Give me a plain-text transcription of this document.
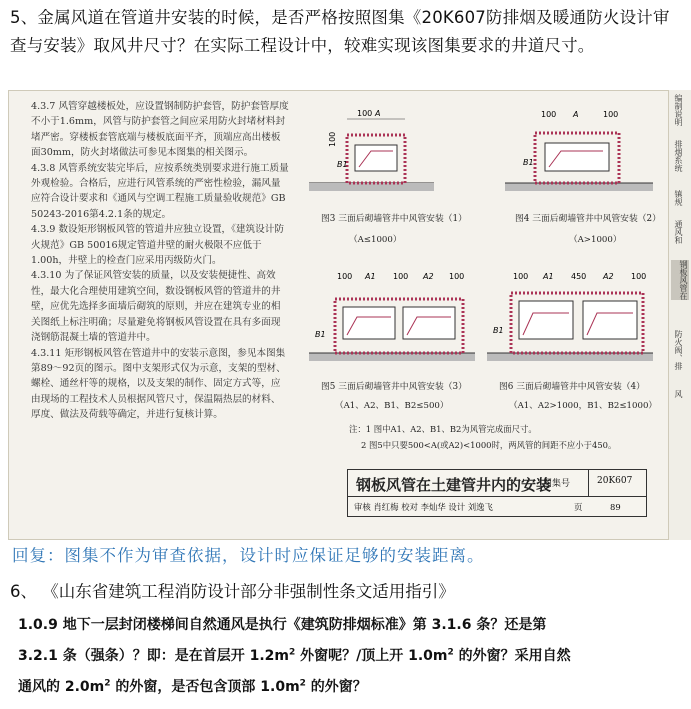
5、金属风道在管道井安装的时候，是否严格按照图集《20K607防排烟及暖通防火设计审查与安装》取风井尺寸？在实际工程设计中，较难实现该图集要求的井道尺寸。

4.3.7 风管穿越楼板处，应设置钢制防护套管，防护套管厚度不小于1.6mm，风管与防护套管之间应采用防火封堵材料封堵严密。穿楼板套管底端与楼板底面平齐，顶端应高出楼板面30mm，防火封堵做法可参见本图集的相关图示。

4.3.8 风管系统安装完毕后，应按系统类别要求进行施工质量外观检验。合格后，应进行风管系统的严密性检验，漏风量应符合设计要求和《通风与空调工程施工质量验收规范》GB 50243-2016第4.2.1条的规定。

4.3.9 数设矩形钢板风管的管道井应独立设置，《建筑设计防火规范》GB 50016规定管道井壁的耐火极限不应低于1.00h，井壁上的检查门应采用丙级防火门。

4.3.10 为了保证风管安装的质量，以及安装便捷性、高效性，最大化合理使用建筑空间，数设钢板风管的管道井的井壁，应优先选择多面墙后砌筑的原则，并应在建筑专业的相关图纸上标注明确；尽量避免将钢板风管设置在具有多面现浇钢筋混凝土墙的管道井中。

4.3.11 矩形钢板风管在管道井中的安装示意图，参见本图集第89～92页的图示。图中支架形式仅为示意，支架的型材、螺栓、通丝杆等的规格，以及支架的制作、固定方式等，应由现场的工程技术人员根据风管尺寸，保温隔热层的材料、厚度、做法及荷载等确定，并进行复核计算。

100 A
100
B1
图3 三面后砌墙管井中风管安装（1）
（A≤1000）
100 A	100
B1
图4 三面后砌墙管井中风管安装（2）
（A>1000）
100 A1 100 A2 100
B1
图5 三面后砌墙管井中风管安装（3）
（A1、A2、B1、B2≤500）
100 A1 450 A2 100
B1
图6 三面后砌墙管井中风管安装（4）
（A1、A2>1000，B1、B2≤1000）
注：1 图中A1、A2、B1、B2为风管完成面尺寸。
2 图5中只要500<A(或A2)<1000时，两风管的间距不应小于450。
钢板风管在土建管井内的安装
图集号	20K607
审核 肖红梅 校对 李灿华 设计 刘逸飞	页	89
编制说明
排烟系统
镇规
通风和
钢板风管在
防火阀、排
风
回复：图集不作为审查依据，设计时应保证足够的安装距离。
6、 《山东省建筑工程消防设计部分非强制性条文适用指引》
1.0.9 地下一层封闭楼梯间自然通风是执行《建筑防排烟标准》第 3.1.6 条？还是第
3.2.1 条（强条）？即：是在首层开 $1.2m^2$ 外窗呢？/顶上开 $1.0m^2$ 的外窗？采用自然
通风的 $2.0m^2$ 的外窗，是否包含顶部 $1.0m^2$ 的外窗？
